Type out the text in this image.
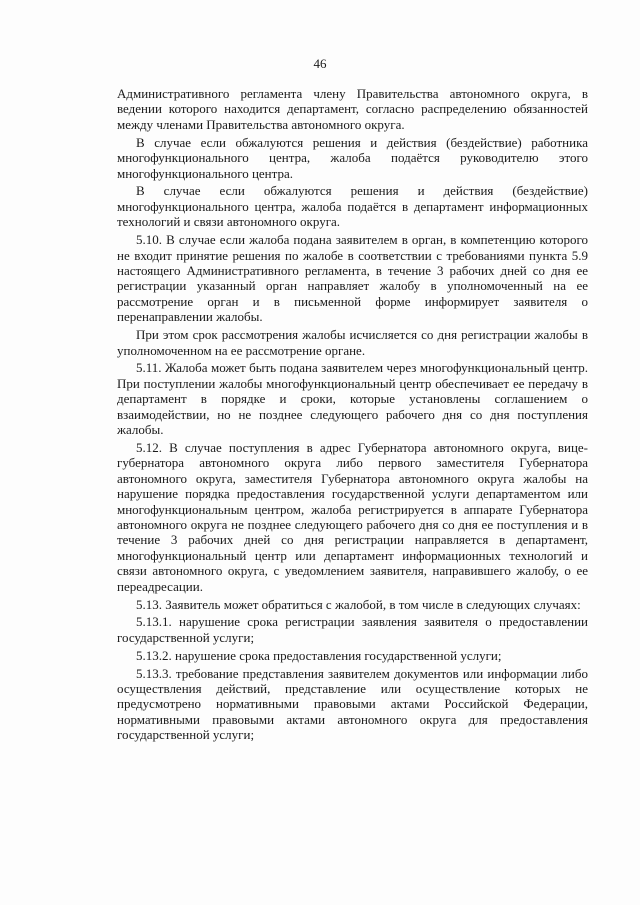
46

Административного регламента члену Правительства автономного округа, в ведении которого находится департамент, согласно распределению обязанностей между членами Правительства автономного округа.

В случае если обжалуются решения и действия (бездействие) работника многофункционального центра, жалоба подаётся руководителю этого многофункционального центра.

В случае если обжалуются решения и действия (бездействие) многофункционального центра, жалоба подаётся в департамент информационных технологий и связи автономного округа.

5.10. В случае если жалоба подана заявителем в орган, в компетенцию которого не входит принятие решения по жалобе в соответствии с требованиями пункта 5.9 настоящего Административного регламента, в течение 3 рабочих дней со дня ее регистрации указанный орган направляет жалобу в уполномоченный на ее рассмотрение орган и в письменной форме информирует заявителя о перенаправлении жалобы.

При этом срок рассмотрения жалобы исчисляется со дня регистрации жалобы в уполномоченном на ее рассмотрение органе.

5.11. Жалоба может быть подана заявителем через многофункциональный центр. При поступлении жалобы многофункциональный центр обеспечивает ее передачу в департамент в порядке и сроки, которые установлены соглашением о взаимодействии, но не позднее следующего рабочего дня со дня поступления жалобы.

5.12. В случае поступления в адрес Губернатора автономного округа, вице-губернатора автономного округа либо первого заместителя Губернатора автономного округа, заместителя Губернатора автономного округа жалобы на нарушение порядка предоставления государственной услуги департаментом или многофункциональным центром, жалоба регистрируется в аппарате Губернатора автономного округа не позднее следующего рабочего дня со дня ее поступления и в течение 3 рабочих дней со дня регистрации направляется в департамент, многофункциональный центр или департамент информационных технологий и связи автономного округа, с уведомлением заявителя, направившего жалобу, о ее переадресации.

5.13. Заявитель может обратиться с жалобой, в том числе в следующих случаях:

5.13.1. нарушение срока регистрации заявления заявителя о предоставлении государственной услуги;

5.13.2. нарушение срока предоставления государственной услуги;

5.13.3. требование представления заявителем документов или информации либо осуществления действий, представление или осуществление которых не предусмотрено нормативными правовыми актами Российской Федерации, нормативными правовыми актами автономного округа для предоставления государственной услуги;
